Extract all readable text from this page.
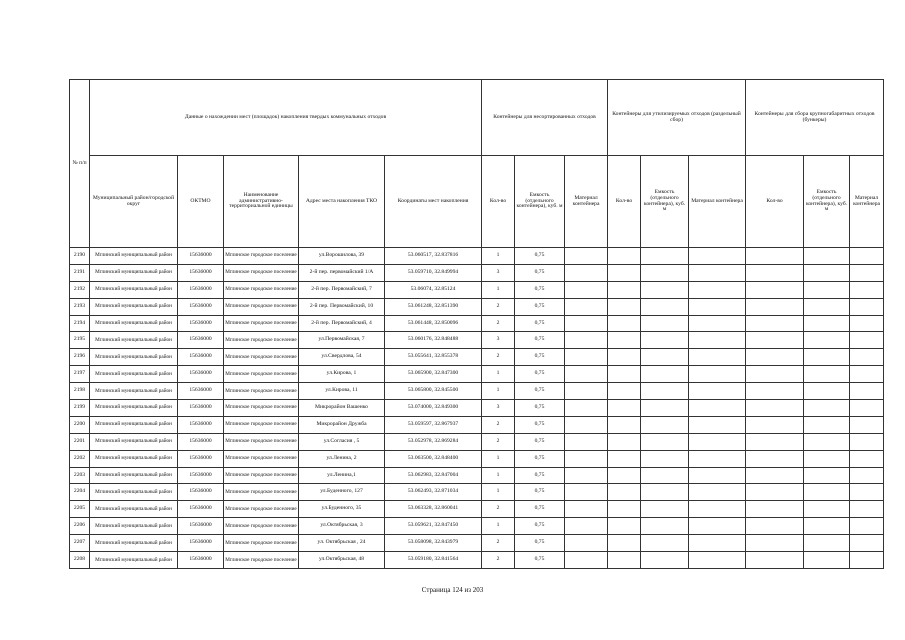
№ п/п	Данные о нахождении мест (площадок) накопления твердых коммунальных отходов					Контейнеры для несортированных отходов			Контейнеры для утилизируемых отходов (раздельный сбор)			Контейнеры для сбора крупногабаритных отходов (бункеры)		
	Муниципальный район/городской округ	ОКТМО	Наименование административно-территориальной единицы	Адрес места накопления ТКО	Координаты мест накопления	Кол-во	Емкость (отдельного контейнера), куб. м	Материал контейнера	Кол-во	Емкость (отдельного контейнера), куб. м	Материал контейнера	Кол-во	Емкость (отдельного контейнера), куб. м	Материал контейнера
2190	Мглинский муниципальный район	15636000	Мглинское городское поселение	ул.Ворошилова, 39	53.060517, 32.837816	1	0,75							
2191	Мглинский муниципальный район	15636000	Мглинское городское поселение	2-й пер. первомайский 1/А	53.059710, 32.849994	3	0,75							
2192	Мглинский муниципальный район	15636000	Мглинское городское поселение	2-й пер. Первомайский, 7	53.06074, 32.85124	1	0,75							
2193	Мглинский муниципальный район	15636000	Мглинское городское поселение	2-й пер. Первомайский, 10	53.061248, 32.851390	2	0,75							
2194	Мглинский муниципальный район	15636000	Мглинское городское поселение	2-й пер. Первомайский, 4	53.061448, 32.850096	2	0,75							
2195	Мглинский муниципальный район	15636000	Мглинское городское поселение	ул.Первомайская, 7	53.060176, 32.848488	3	0,75							
2196	Мглинский муниципальный район	15636000	Мглинское городское поселение	ул.Свердлова, 54	53.055641, 32.855378	2	0,75							
2197	Мглинский муниципальный район	15636000	Мглинское городское поселение	ул.Кирова, 1	53.065900, 32.847300	1	0,75							
2198	Мглинский муниципальный район	15636000	Мглинское городское поселение	ул.Кирова, 11	53.065800, 32.845500	1	0,75							
2199	Мглинский муниципальный район	15636000	Мглинское городское поселение	Микрорайон Вашенко	53.074000, 32.849300	3	0,75							
2200	Мглинский муниципальный район	15636000	Мглинское городское поселение	Микрорайон Дружба	53.059597, 32.867937	2	0,75							
2201	Мглинский муниципальный район	15636000	Мглинское городское поселение	ул.Согласия , 5	53.052978, 32.869284	2	0,75							
2202	Мглинский муниципальный район	15636000	Мглинское городское поселение	ул.Ленина, 2	53.063500, 32.848400	1	0,75							
2203	Мглинский муниципальный район	15636000	Мглинское городское поселение	ул.Ленина,1	53.062983, 32.847004	1	0,75							
2204	Мглинский муниципальный район	15636000	Мглинское городское поселение	ул.Буденного, 127	53.062493, 32.871034	1	0,75							
2205	Мглинский муниципальный район	15636000	Мглинское городское поселение	ул.Буденного, 35	53.063328, 32.860041	2	0,75							
2206	Мглинский муниципальный район	15636000	Мглинское городское поселение	ул.Октябрьская, 3	53.059621, 32.847450	1	0,75							
2207	Мглинский муниципальный район	15636000	Мглинское городское поселение	ул. Октябрьская , 24	53.058098, 32.843979	2	0,75							
2208	Мглинский муниципальный район	15636000	Мглинское городское поселение	ул.Октябрьская, 48	53.059180, 32.841564	2	0,75							
Страница 124 из 203
